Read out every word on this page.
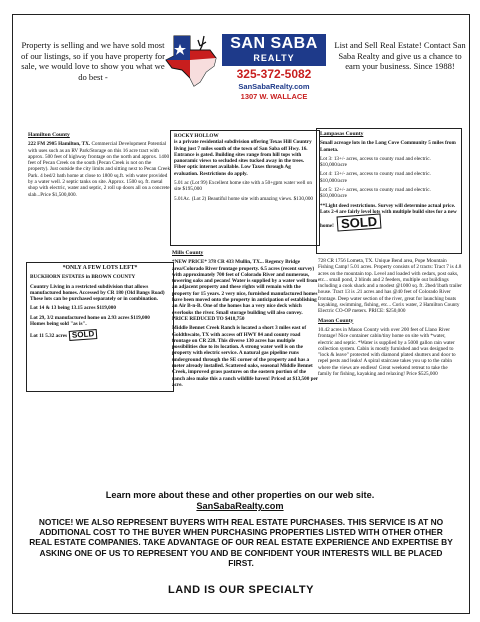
Property is selling and we have sold most of our listings, so if you have property for sale, we would love to show you what we do best -
SAN SABA
REALTY
325-372-5082
SanSabaRealty.com
1307 W. WALLACE
List and Sell Real Estate! Contact San Saba Realty and give us a chance to earn your business. Since 1988!
Hamilton County

222 FM 2905 Hamilton, TX. Commercial Development Potential with uses such as an RV Park/Storage on this 16 acre tract with approx. 500 feet of highway frontage on the north and approx. 1400 feet of Pecan Creek on the south (Pecan Creek is not on the property). Just outside the city limits and sitting next to Pecan Creek Park. 4 bed/2 bath home at close to 1800 sq.ft. with water provided by a water well. 2 septic tanks on site. Approx. 1500 sq. ft. metal shop with electric, water and septic, 2 roll up doors all on a concrete slab...Price $1,500,000.

*ONLY A FEW LOTS LEFT*

BUCKHORN ESTATES in BROWN COUNTY

Country Living in a restricted subdivision that allows manufactured homes. Accessed by CR 180 (Old Bangs Road) These lots can be purchased separately or in combination.

Lot 14 & 13 being 13.15 acres $119,000

Lot 29, 3/2 manufactured home on 2.93 acres $119,000

Homes being sold "as is".

Lot 11 5.32 acres SOLD

ROCKY HOLLOW

is a private residential subdivision offering Texas Hill Country living just 7 miles south of the town of San Saba off Hwy. 16. Entrance is gated. Building sites range from hill tops with panoramic views to secluded sites tucked away in the trees. Fiber optic internet available. Low Taxes through Ag evaluation. Restrictions do apply.

5.01 ac (Lot 99) Excellent home site with a 50+gpm water well on site $195,000

5.01Ac. (Lot 2) Beautiful home site with amazing views. $130,000

Mills County

*NEW PRICE* 378 CR 433 Mullin, TX... Regency Bridge area/Colorado River frontage property. 6.5 acres (recent survey) with approximately 700 feet of Colorado River and numerous, towering oaks and pecans! Water is supplied by a water well from an adjacent property and these rights will remain with the property for 15 years. 2 very nice, furnished manufactured homes have been moved onto the property in anticipation of establishing an Air B-n-B. One of the homes has a very nice deck which overlooks the river. Small storage building will also convey. PRICE REDUCED TO $418,750

Middle Bennet Creek Ranch is located a short 3 miles east of Goldthwaite, TX with access off HWY 84 and county road frontage on CR 220. This diverse 130 acres has multiple possibilities due to its location. A strong water well is on the property with electric service. A natural gas pipeline runs underground through the SE corner of the property and has a meter already installed. Scattered oaks, seasonal Middle Bennet Creek, improved grass pastures on the eastern portion of the ranch also make this a ranch wildlife haven! Priced at $13,500 per acre.

Lampasas County

Small acreage lots in the Long Cove Community 5 miles from Lometa.

Lot 3: 13+/- acres, access to county road and electric. $10,000/acre

Lot 4: 13+/- acres, access to county road and electric. $10,000/acre

Lot 5: 12+/- acres, access to county road and electric. $10,000/acre

**Light deed restrictions. Survey will determine actual price. Lots 2-4 are fairly level lots with multiple build sites for a new home! SOLD

728 CR 1756 Lometa, TX. Unique Bend area, Pope Mountain Fishing Camp! 5.01 acres. Property consists of 2 tracts: Tract 7 is 4.8 acres on the mountain top. Level and loaded with cedars, post oaks, etc... small pond, 2 blinds and 2 feeders, multiple out buildings including a cook shack and a modest @1000 sq. ft. 2bed/1bath trailer house. Tract 13 is .21 acres and has @40 feet of Colorado River frontage. Deep water section of the river, great for launching boats kayaking, swimming, fishing, etc... Corix water, 2 Hamilton County Electric CO-OP meters. PRICE: $250,000

Mason County

10.42 acres in Mason County with over 200 feet of Llano River frontage! Nice container cabin/tiny home on site with *water, electric and septic. *Water is supplied by a 5000 gallon rain water collection system. Cabin is mostly furnished and was designed to "lock & leave" protected with diamond plated shutters and door to repel pests and leaks! A spiral staircase takes you up to the cabin where the views are endless! Great weekend retreat to take the family for fishing, kayaking and relaxing! Price $525,000

Learn more about these and other properties on our web site.
SanSabaRealty.com
NOTICE! WE ALSO REPRESENT BUYERS WITH REAL ESTATE PURCHASES. THIS SERVICE IS AT NO ADDITIONAL COST TO THE BUYER WHEN PURCHASING PROPERTIES LISTED WITH OTHER OTHER REAL ESTATE COMPANIES. TAKE ADVANTAGE OF OUR REAL ESTATE EXPERIENCE AND EXPERTISE BY ASKING ONE OF US TO REPRESENT YOU AND BE CONFIDENT YOUR INTERESTS WILL BE PLACED FIRST.
LAND IS OUR SPECIALTY
